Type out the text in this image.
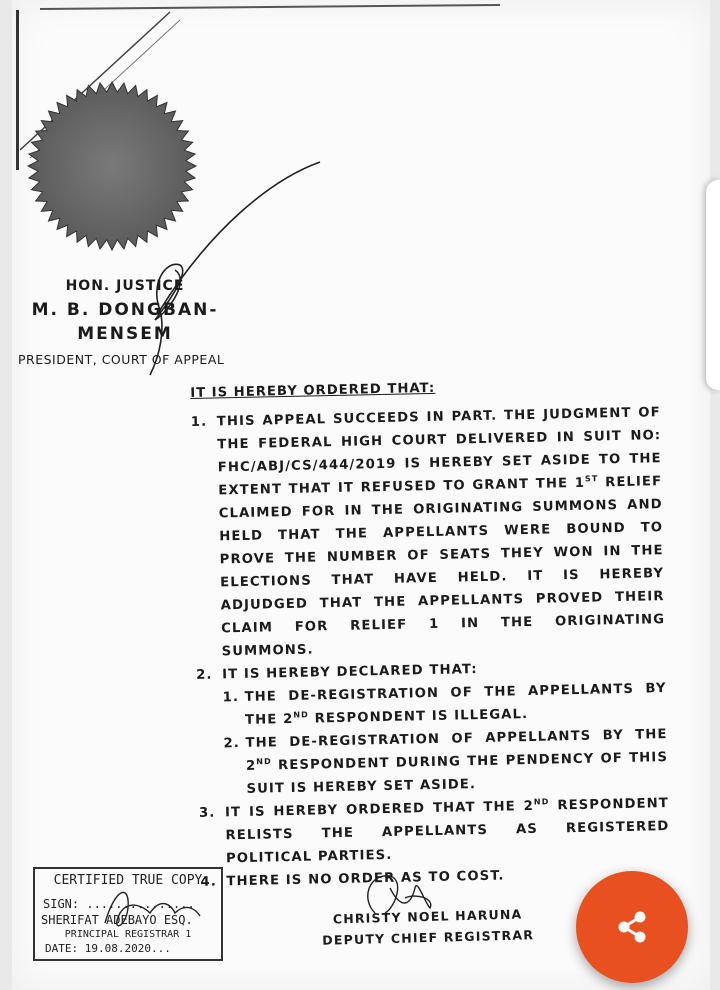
HON. JUSTICE
M. B. DONGBAN-
MENSEM
PRESIDENT, COURT OF APPEAL
IT IS HEREBY ORDERED THAT:
1. THIS APPEAL SUCCEEDS IN PART. THE JUDGMENT OF THE FEDERAL HIGH COURT DELIVERED IN SUIT NO: FHC/ABJ/CS/444/2019 IS HEREBY SET ASIDE TO THE EXTENT THAT IT REFUSED TO GRANT THE 1ST RELIEF CLAIMED FOR IN THE ORIGINATING SUMMONS AND HELD THAT THE APPELLANTS WERE BOUND TO PROVE THE NUMBER OF SEATS THEY WON IN THE ELECTIONS THAT HAVE HELD. IT IS HEREBY ADJUDGED THAT THE APPELLANTS PROVED THEIR CLAIM FOR RELIEF 1 IN THE ORIGINATING SUMMONS.
2. IT IS HEREBY DECLARED THAT:
1. THE DE-REGISTRATION OF THE APPELLANTS BY THE 2ND RESPONDENT IS ILLEGAL.
2. THE DE-REGISTRATION OF APPELLANTS BY THE 2ND RESPONDENT DURING THE PENDENCY OF THIS SUIT IS HEREBY SET ASIDE.
3. IT IS HEREBY ORDERED THAT THE 2ND RESPONDENT RELISTS THE APPELLANTS AS REGISTERED POLITICAL PARTIES.
4. THERE IS NO ORDER AS TO COST.
CERTIFIED TRUE COPY
SIGN: ...............
SHERIFAT ADEBAYO ESQ.
PRINCIPAL REGISTRAR 1
DATE: 19.08.2020...
CHRISTY NOEL HARUNA
DEPUTY CHIEF REGISTRAR
